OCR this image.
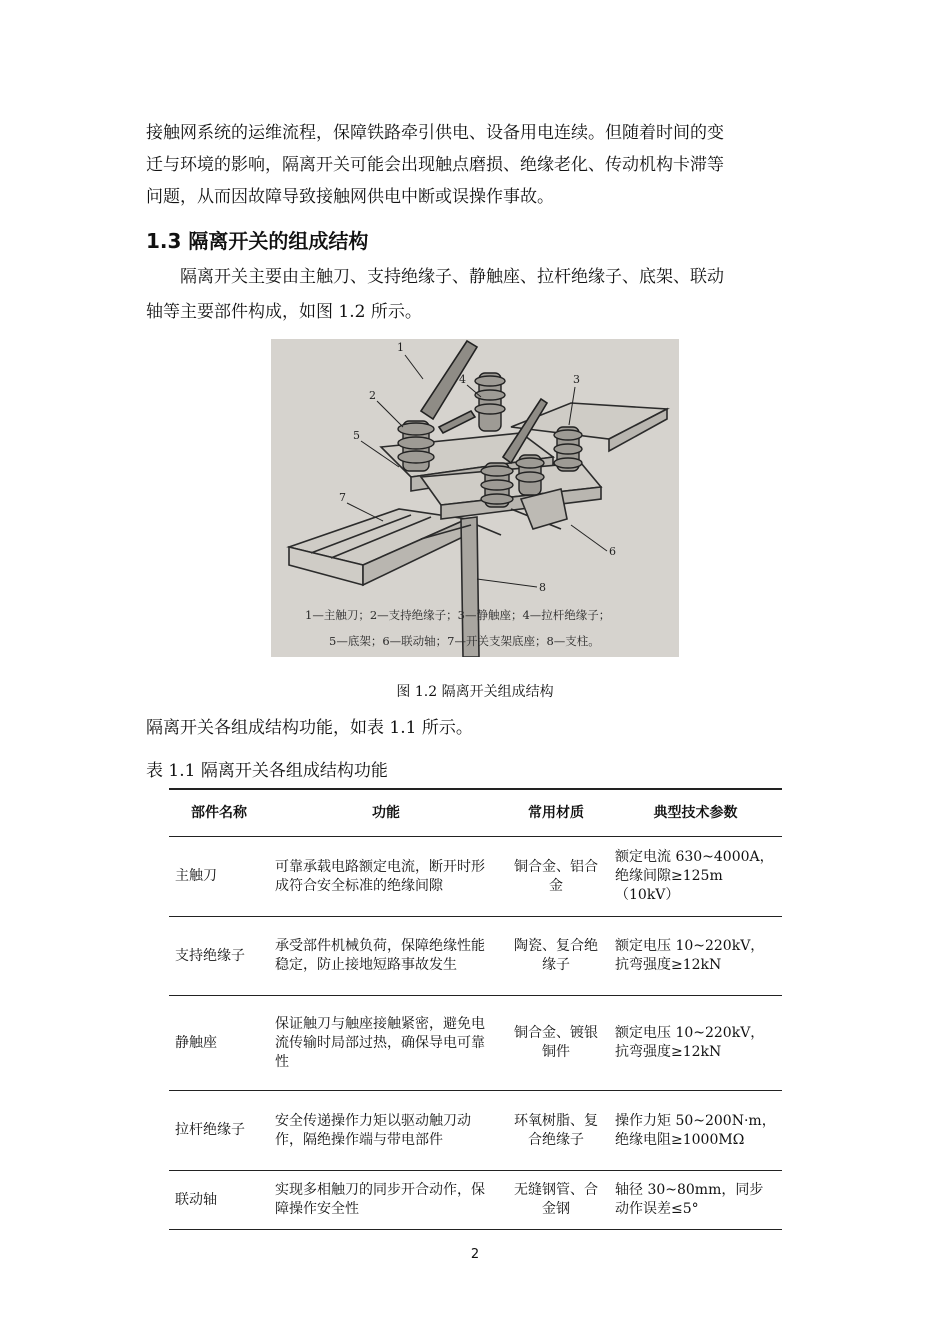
接触网系统的运维流程，保障铁路牵引供电、设备用电连续。但随着时间的变

迁与环境的影响，隔离开关可能会出现触点磨损、绝缘老化、传动机构卡滞等

问题，从而因故障导致接触网供电中断或误操作事故。

1.3 隔离开关的组成结构

隔离开关主要由主触刀、支持绝缘子、静触座、拉杆绝缘子、底架、联动

轴等主要部件构成，如图 1.2 所示。

1
2
3
4
5
6
7
8
1—主触刀；2—支持绝缘子；3—静触座；4—拉杆绝缘子；
5—底架；6—联动轴；7—开关支架底座；8—支柱。
图 1.2 隔离开关组成结构

隔离开关各组成结构功能，如表 1.1 所示。

表 1.1 隔离开关各组成结构功能
部件名称	功能	常用材质	典型技术参数
主触刀	可靠承载电路额定电流，断开时形成符合安全标准的绝缘间隙	铜合金、铝合金	额定电流 630~4000A，绝缘间隙≥125m（10kV）
支持绝缘子	承受部件机械负荷，保障绝缘性能稳定，防止接地短路事故发生	陶瓷、复合绝缘子	额定电压 10~220kV，抗弯强度≥12kN
静触座	保证触刀与触座接触紧密，避免电流传输时局部过热，确保导电可靠性	铜合金、镀银铜件	额定电压 10~220kV，抗弯强度≥12kN
拉杆绝缘子	安全传递操作力矩以驱动触刀动作，隔绝操作端与带电部件	环氧树脂、复合绝缘子	操作力矩 50~200N·m，绝缘电阻≥1000MΩ
联动轴	实现多相触刀的同步开合动作，保障操作安全性	无缝钢管、合金钢	轴径 30~80mm，同步动作误差≤5°
2
